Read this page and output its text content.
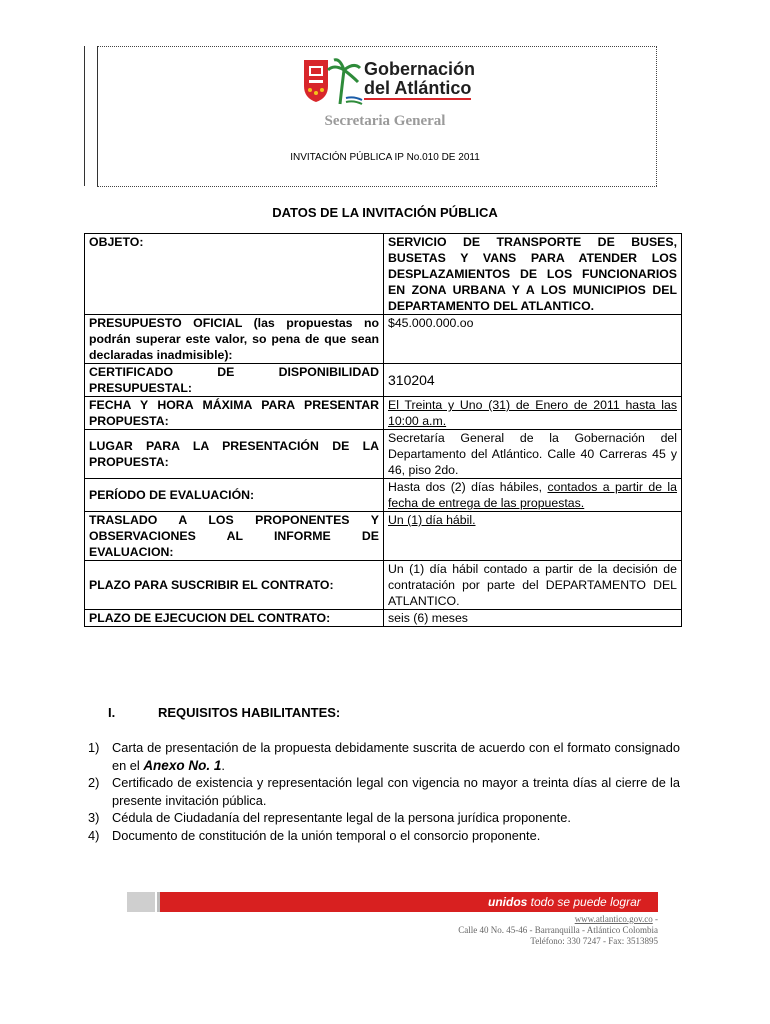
Gobernación
del Atlántico
Secretaria General
INVITACIÓN PÚBLICA IP No.010 DE 2011
DATOS DE LA INVITACIÓN PÚBLICA
OBJETO:	SERVICIO DE TRANSPORTE DE BUSES, BUSETAS Y VANS PARA ATENDER LOS DESPLAZAMIENTOS DE LOS FUNCIONARIOS EN ZONA URBANA Y A LOS MUNICIPIOS DEL DEPARTAMENTO DEL ATLANTICO.
PRESUPUESTO OFICIAL (las propuestas no podrán superar este valor, so pena de que sean declaradas inadmisible):	$45.000.000.oo
CERTIFICADO DE DISPONIBILIDAD PRESUPUESTAL:	310204
FECHA Y HORA MÁXIMA PARA PRESENTAR PROPUESTA:	El Treinta y Uno (31) de Enero de 2011 hasta las 10:00 a.m.
LUGAR PARA LA PRESENTACIÓN DE LA PROPUESTA:	Secretaría General de la Gobernación del Departamento del Atlántico. Calle 40 Carreras 45 y 46, piso 2do.
PERÍODO DE EVALUACIÓN:	Hasta dos (2) días hábiles, contados a partir de la fecha de entrega de las propuestas.
TRASLADO A LOS PROPONENTES Y OBSERVACIONES AL INFORME DE EVALUACION:	Un (1) día hábil.
PLAZO PARA SUSCRIBIR EL CONTRATO:	Un (1) día hábil contado a partir de la decisión de contratación por parte del DEPARTAMENTO DEL ATLANTICO.
PLAZO DE EJECUCION DEL CONTRATO:	seis (6) meses
I.	REQUISITOS HABILITANTES:
1) Carta de presentación de la propuesta debidamente suscrita de acuerdo con el formato consignado en el Anexo No. 1.
2) Certificado de existencia y representación legal con vigencia no mayor a treinta días al cierre de la presente invitación pública.
3) Cédula de Ciudadanía del representante legal de la persona jurídica proponente.
4) Documento de constitución de la unión temporal o el consorcio proponente.
unidos todo se puede lograr
www.atlantico.gov.co -
Calle 40 No. 45-46 - Barranquilla - Atlántico Colombia
Teléfono: 330 7247 - Fax: 3513895
